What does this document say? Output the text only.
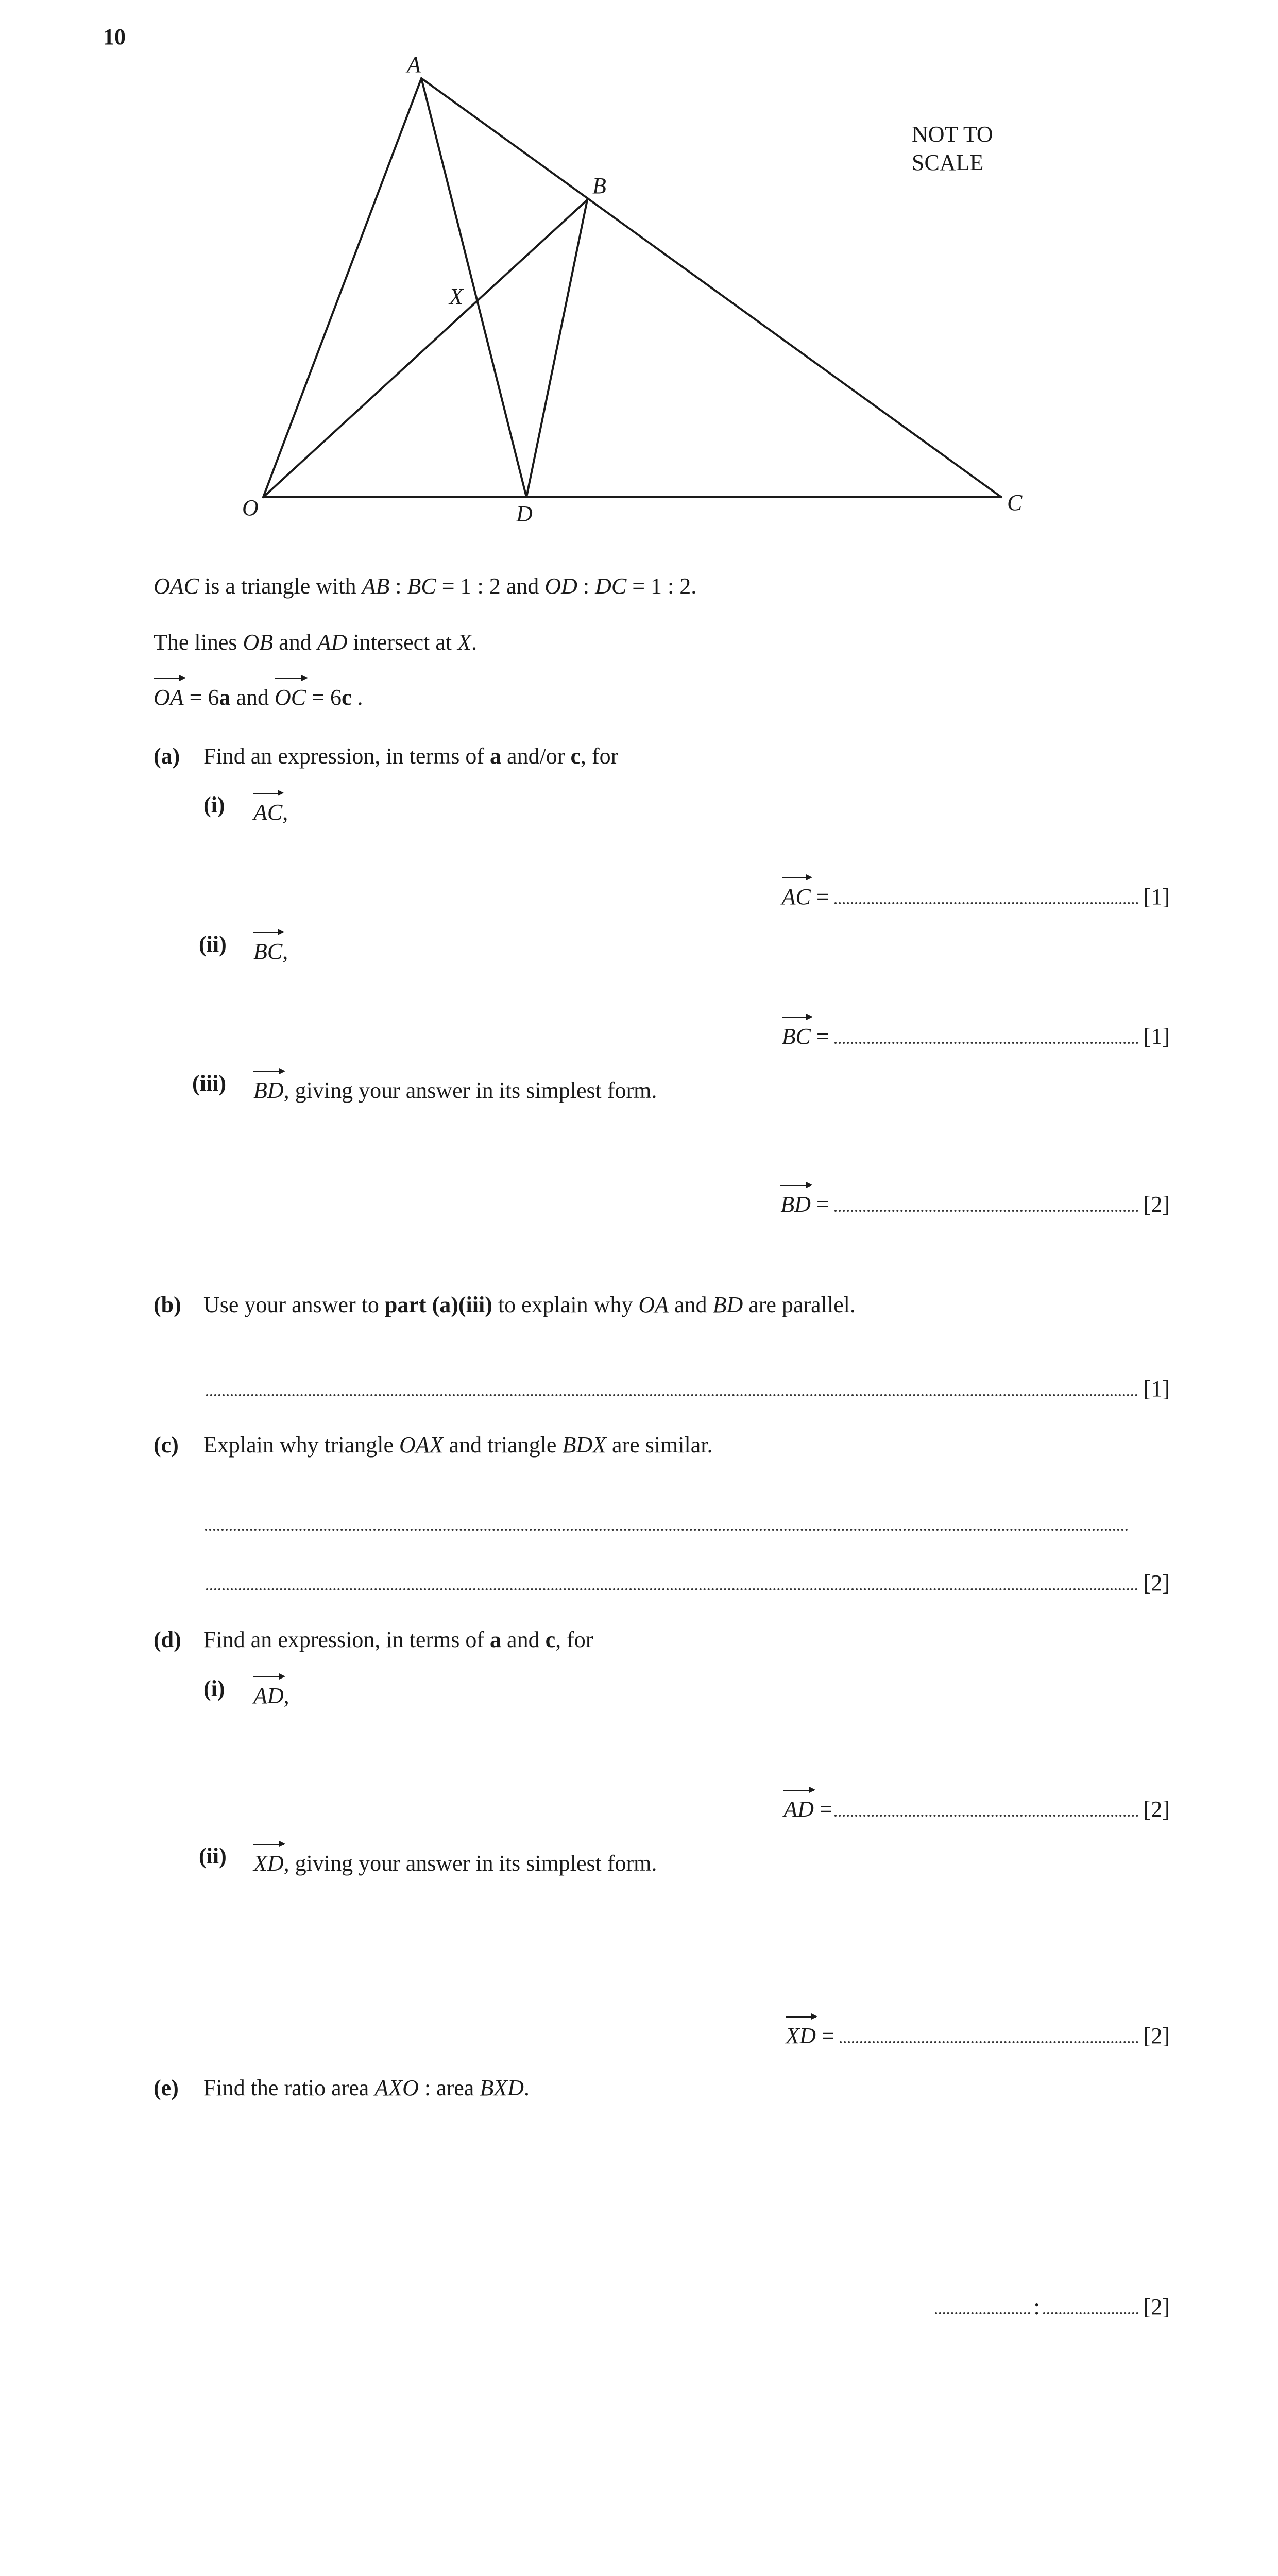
10
A
B
C
D
O
X
NOT TO
SCALE
OAC is a triangle with AB : BC = 1 : 2 and OD : DC = 1 : 2.
The lines OB and AD intersect at X.
OA = 6a and
OC = 6c .
(a) Find an expression, in terms of a and/or c, for
(i) AC,
AC =	[1]
(ii) BC,
BC =	[1]
(iii) BD, giving your answer in its simplest form.
BD =	[2]
(b) Use your answer to part (a)(iii) to explain why OA and BD are parallel.
[1]
(c) Explain why triangle OAX and triangle BDX are similar.
[2]
(d) Find an expression, in terms of a and c, for
(i) AD,
AD =	[2]
(ii) XD, giving your answer in its simplest form.
XD =	[2]
(e) Find the ratio area AXO : area BXD.
:	[2]
